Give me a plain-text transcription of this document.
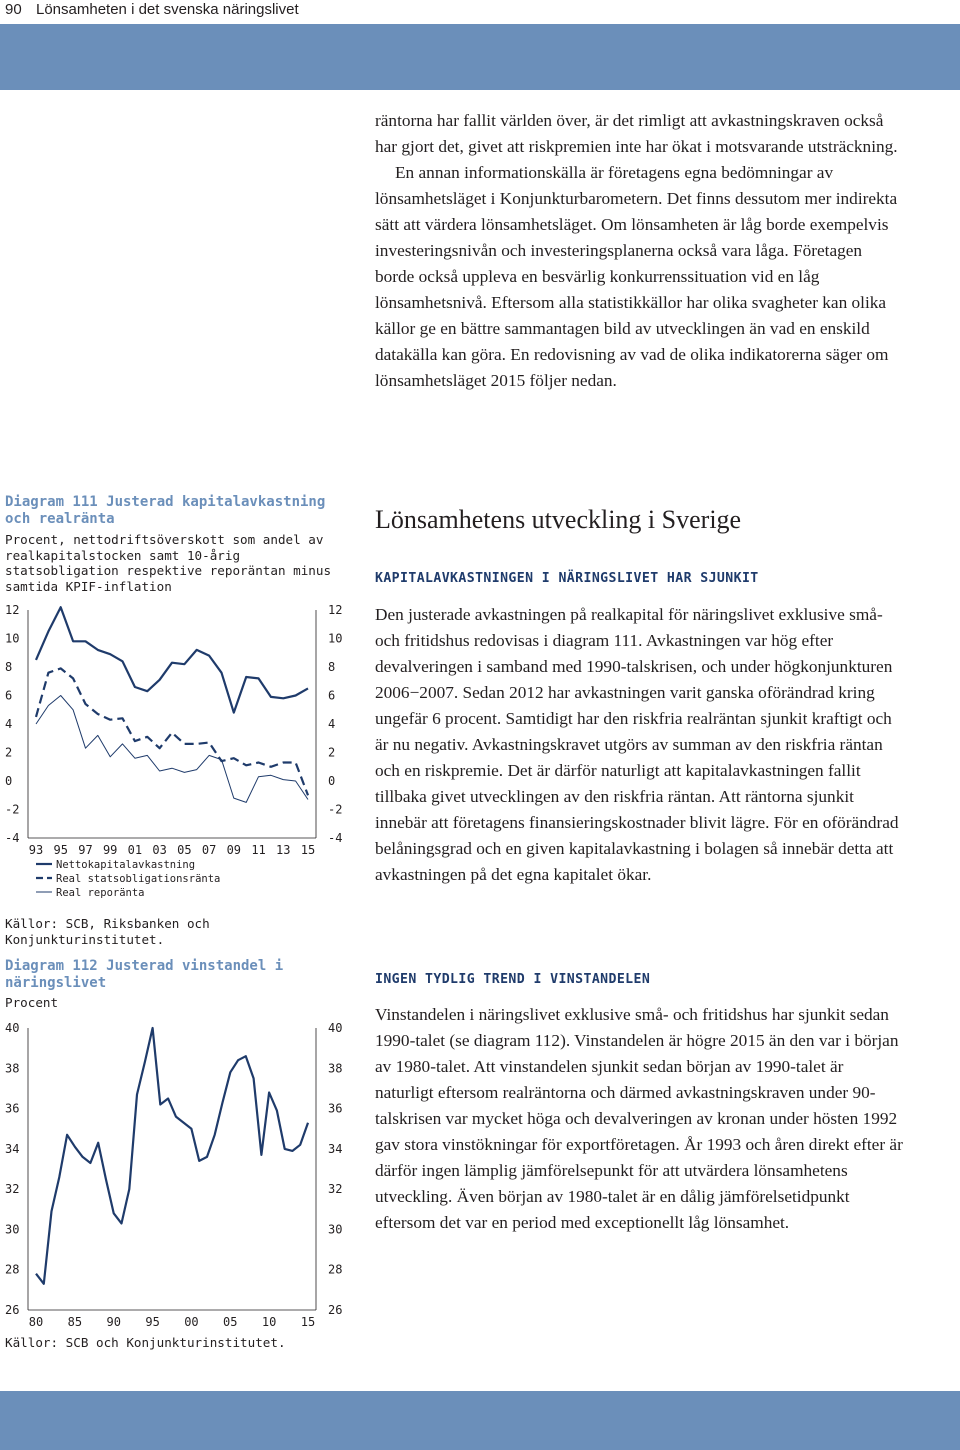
90 Lönsamheten i det svenska näringslivet

räntorna har fallit världen över, är det rimligt att avkastningskraven också har gjort det, givet att riskpremien inte har ökat i motsvarande utsträckning.

En annan informationskälla är företagens egna bedömningar av lönsamhetsläget i Konjunkturbarometern. Det finns dessutom mer indirekta sätt att värdera lönsamhetsläget. Om lönsamheten är låg borde exempelvis investeringsnivån och investeringsplanerna också vara låga. Företagen borde också uppleva en besvärlig konkurrenssituation vid en låg lönsamhetsnivå. Eftersom alla statistikkällor har olika svagheter kan olika källor ge en bättre sammantagen bild av utvecklingen än vad en enskild datakälla kan göra. En redovisning av vad de olika indikatorerna säger om lönsamhetsläget 2015 följer nedan.

Diagram 111 Justerad kapitalavkastning och realränta
Procent, nettodriftsöverskott som andel av realkapitalstocken samt 10-årig statsobligation respektive reporäntan minus samtida KPIF-inflation
12	12
10	10
8	8
6	6
4	4
2	2
0	0
-2	-2
-4	-4
93 95 97 99 01 03 05 07 09 11 13 15
Nettokapitalavkastning
Real statsobligationsränta
Real reporänta
Källor: SCB, Riksbanken och Konjunkturinstitutet.
Diagram 112 Justerad vinstandel i näringslivet
Procent
40	40
38	38
36	36
34	34
32	32
30	30
28	28
26	26
80 85 90 95 00 05 10 15
Källor: SCB och Konjunkturinstitutet.
Lönsamhetens utveckling i Sverige
KAPITALAVKASTNINGEN I NÄRINGSLIVET HAR SJUNKIT
Den justerade avkastningen på realkapital för näringslivet exklusive små- och fritidshus redovisas i diagram 111. Avkastningen var hög efter devalveringen i samband med 1990-talskrisen, och under högkonjunkturen 2006−2007. Sedan 2012 har avkastningen varit ganska oförändrad kring ungefär 6 procent. Samtidigt har den riskfria realräntan sjunkit kraftigt och är nu negativ. Avkastningskravet utgörs av summan av den riskfria räntan och en riskpremie. Det är därför naturligt att kapitalavkastningen fallit tillbaka givet utvecklingen av den riskfria räntan. Att räntorna sjunkit innebär att företagens finansieringskostnader blivit lägre. För en oförändrad belåningsgrad och en given kapitalavkastning i bolagen så innebär detta att avkastningen på det egna kapitalet ökar.
INGEN TYDLIG TREND I VINSTANDELEN
Vinstandelen i näringslivet exklusive små- och fritidshus har sjunkit sedan 1990-talet (se diagram 112). Vinstandelen är högre 2015 än den var i början av 1980-talet. Att vinstandelen sjunkit sedan början av 1990-talet är naturligt eftersom realräntorna och därmed avkastningskraven under 90-talskrisen var mycket höga och devalveringen av kronan under hösten 1992 gav stora vinstökningar för exportföretagen. År 1993 och åren direkt efter är därför ingen lämplig jämförelsepunkt för att utvärdera lönsamhetens utveckling. Även början av 1980-talet är en dålig jämförelsetidpunkt eftersom det var en period med exceptionellt låg lönsamhet.
